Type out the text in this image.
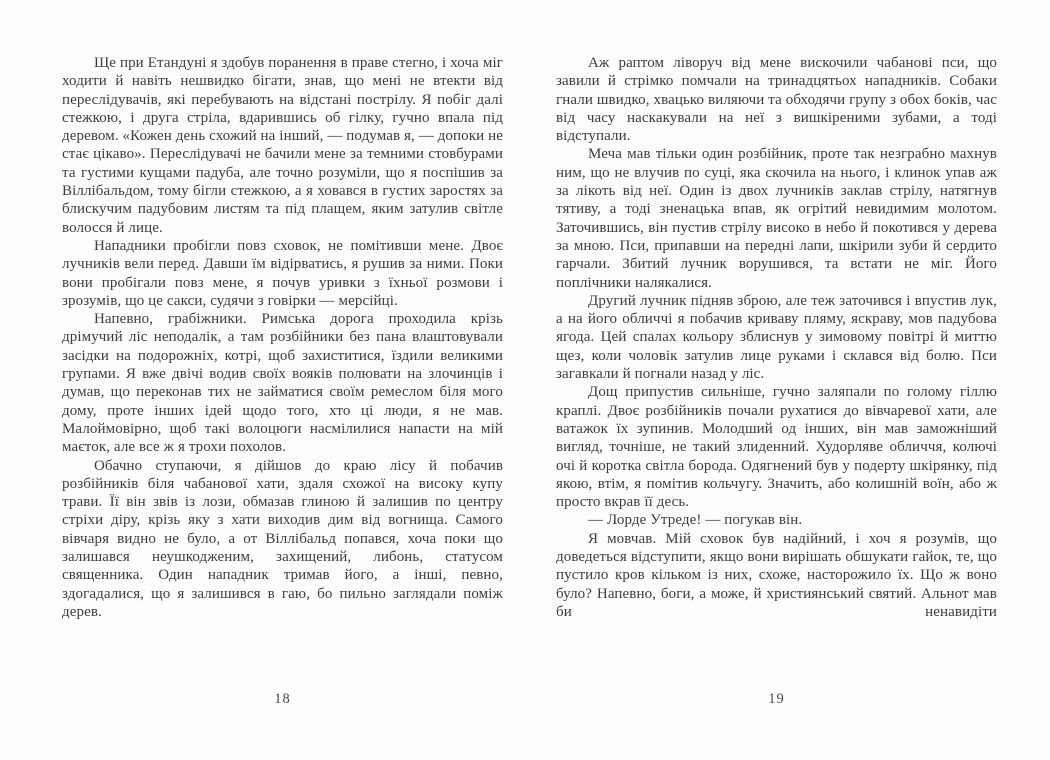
Ще при Етандуні я здобув поранення в праве стегно, і хоча міг ходити й навіть нешвидко бігати, знав, що мені не втекти від переслідувачів, які перебувають на відстані пострілу. Я побіг далі стежкою, і друга стріла, вдарившись об гілку, гучно впала під деревом. «Кожен день схожий на інший, — подумав я, — допоки не стає цікаво». Переслідувачі не бачили мене за темними стовбурами та густими кущами падуба, але точно розуміли, що я поспішив за Віллібальдом, тому бігли стежкою, а я ховався в густих заростях за блискучим падубовим листям та під плащем, яким затулив світле волосся й лице.

Нападники пробігли повз сховок, не помітивши мене. Двоє лучників вели перед. Давши їм відірватись, я рушив за ними. Поки вони пробігали повз мене, я почув уривки з їхньої розмови і зрозумів, що це сакси, судячи з говірки — мерсійці.

Напевно, грабіжники. Римська дорога проходила крізь дрімучий ліс неподалік, а там розбійники без пана влаштовували засідки на подорожніх, котрі, щоб захиститися, їздили великими групами. Я вже двічі водив своїх вояків полювати на злочинців і думав, що переконав тих не займатися своїм ремеслом біля мого дому, проте інших ідей щодо того, хто ці люди, я не мав. Малоймовірно, щоб такі волоцюги насмілилися напасти на мій маєток, але все ж я трохи похолов.

Обачно ступаючи, я дійшов до краю лісу й побачив розбійників біля чабанової хати, здаля схожої на високу купу трави. Її він звів із лози, обмазав глиною й залишив по центру стріхи діру, крізь яку з хати виходив дим від вогнища. Самого вівчаря видно не було, а от Віллібальд попався, хоча поки що залишався неушкодженим, захищений, либонь, статусом священника. Один нападник тримав його, а інші, певно, здогадалися, що я залишився в гаю, бо пильно заглядали поміж дерев.

Аж раптом ліворуч від мене вискочили чабанові пси, що завили й стрімко помчали на тринадцятьох нападників. Собаки гнали швидко, хвацько виляючи та обходячи групу з обох боків, час від часу наскакували на неї з вишкіреними зубами, а тоді відступали.

Меча мав тільки один розбійник, проте так незграбно махнув ним, що не влучив по суці, яка скочила на нього, і клинок упав аж за лікоть від неї. Один із двох лучників заклав стрілу, натягнув тятиву, а тоді зненацька впав, як огрітий невидимим молотом. Заточившись, він пустив стрілу високо в небо й покотився у дерева за мною. Пси, припавши на передні лапи, шкірили зуби й сердито гарчали. Збитий лучник ворушився, та встати не міг. Його поплічники налякалися.

Другий лучник підняв зброю, але теж заточився і впустив лук, а на його обличчі я побачив криваву пляму, яскраву, мов падубова ягода. Цей спалах кольору зблиснув у зимовому повітрі й миттю щез, коли чоловік затулив лице руками і склався від болю. Пси загавкали й погнали назад у ліс.

Дощ припустив сильніше, гучно заляпали по голому гіллю краплі. Двоє розбійників почали рухатися до вівчаревої хати, але ватажок їх зупинив. Молодший од інших, він мав заможніший вигляд, точніше, не такий злиденний. Худорляве обличчя, колючі очі й коротка світла борода. Одягнений був у подерту шкірянку, під якою, втім, я помітив кольчугу. Значить, або колишній воїн, або ж просто вкрав її десь.

— Лорде Утреде! — погукав він.

Я мовчав. Мій сховок був надійний, і хоч я розумів, що доведеться відступити, якщо вони вирішать обшукати гайок, те, що пустило кров кільком із них, схоже, насторожило їх. Що ж воно було? Напевно, боги, а може, й християнський святий. Альнот мав би ненавидіти

18	19
